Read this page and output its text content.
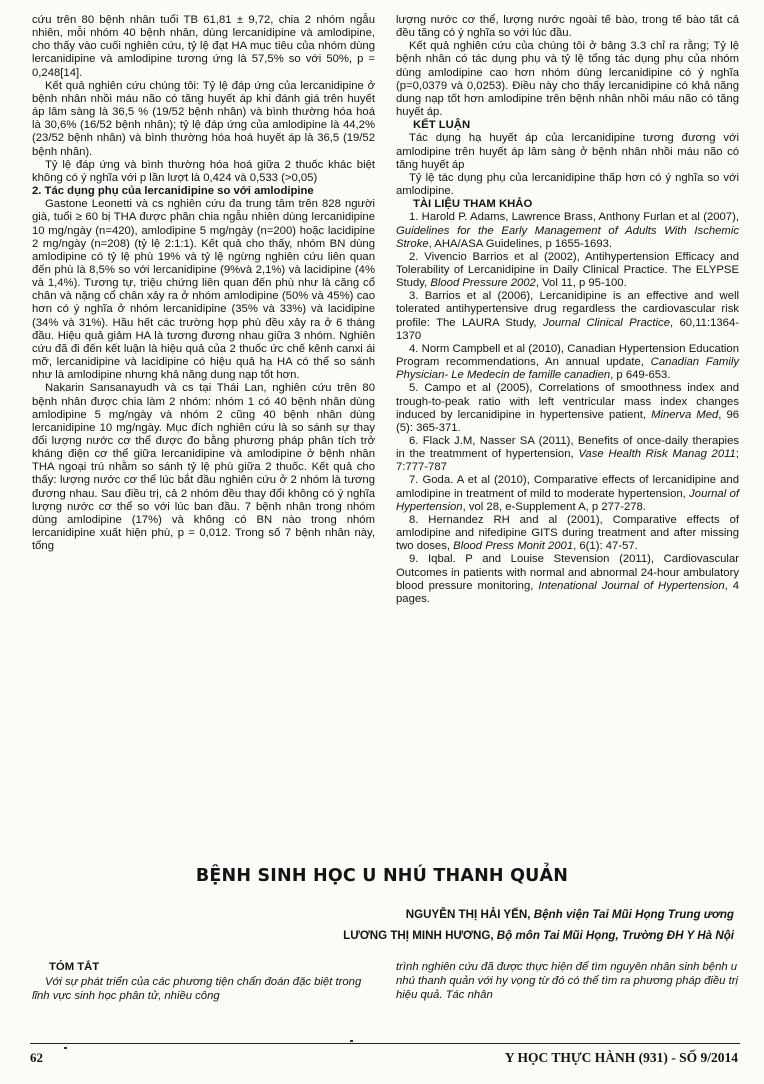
cứu trên 80 bệnh nhân tuổi TB 61,81 ± 9,72, chia 2 nhóm ngẫu nhiên, mỗi nhóm 40 bệnh nhân, dùng lercanidipine và amlodipine, cho thấy vào cuối nghiên cứu, tỷ lệ đạt HA mục tiêu của nhóm dùng lercanidipine và amlodipine tương ứng là 57,5% so với 50%, p = 0,248[14].

Kết quả nghiên cứu chúng tôi: Tỷ lệ đáp ứng của lercanidipine ở bệnh nhân nhồi máu não có tăng huyết áp khi đánh giá trên huyết áp lâm sàng là 36,5 % (19/52 bệnh nhân) và bình thường hóa hoá là 30,6% (16/52 bệnh nhân); tỷ lệ đáp ứng của amlodipine là 44,2% (23/52 bệnh nhân) và bình thường hóa hoá huyết áp là 36,5 (19/52 bệnh nhân).

Tỷ lệ đáp ứng và bình thường hóa hoá giữa 2 thuốc khác biệt không có ý nghĩa với p lần lượt là 0,424 và 0,533 (>0,05)

2. Tác dụng phụ của lercanidipine so với amlodipine

Gastone Leonetti và cs nghiên cứu đa trung tâm trên 828 người già, tuổi ≥ 60 bị THA được phân chia ngẫu nhiên dùng lercanidipine 10 mg/ngày (n=420), amlodipine 5 mg/ngày (n=200) hoặc lacidipine 2 mg/ngày (n=208) (tỷ lệ 2:1:1). Kết quả cho thấy, nhóm BN dùng amlodipine có tỷ lệ phù 19% và tỷ lệ ngừng nghiên cứu liên quan đến phù là 8,5% so với lercanidipine (9%và 2,1%) và lacidipine (4% và 1,4%). Tương tự, triệu chứng liên quan đến phù như là căng cổ chân và nặng cổ chân xảy ra ở nhóm amlodipine (50% và 45%) cao hơn có ý nghĩa ở nhóm lercanidipine (35% và 33%) và lacidipine (34% và 31%). Hầu hết các trường hợp phù đều xảy ra ở 6 tháng đầu. Hiệu quả giảm HA là tương đương nhau giữa 3 nhóm. Nghiên cứu đã đi đến kết luận là hiệu quả của 2 thuốc ức chế kênh canxi ái mỡ, lercanidipine và lacidipine có hiệu quả hạ HA có thể so sánh như là amlodipine nhưng khả năng dung nạp tốt hơn.

Nakarin Sansanayudh và cs tại Thái Lan, nghiên cứu trên 80 bệnh nhân được chia làm 2 nhóm: nhóm 1 có 40 bệnh nhân dùng amlodipine 5 mg/ngày và nhóm 2 cũng 40 bệnh nhân dùng lercanidipine 10 mg/ngày. Mục đích nghiên cứu là so sánh sự thay đổi lượng nước cơ thể được đo bằng phương pháp phân tích trở kháng điện cơ thể giữa lercanidipine và amlodipine ở bệnh nhân THA ngoại trú nhằm so sánh tỷ lệ phù giữa 2 thuốc. Kết quả cho thấy: lượng nước cơ thể lúc bắt đầu nghiên cứu ở 2 nhóm là tương đương nhau. Sau điều trị, cả 2 nhóm đều thay đổi không có ý nghĩa lượng nước cơ thể so với lúc ban đầu. 7 bệnh nhân trong nhóm dùng amlodipine (17%) và không có BN nào trong nhóm lercanidipine xuất hiện phù, p = 0,012. Trong số 7 bệnh nhân này, tổng

lượng nước cơ thể, lượng nước ngoài tế bào, trong tế bào tất cả đều tăng có ý nghĩa so với lúc đầu.

Kết quả nghiên cứu của chúng tôi ở bảng 3.3 chỉ ra rằng; Tỷ lệ bệnh nhân có tác dụng phụ và tỷ lệ tổng tác dụng phụ của nhóm dùng amlodipine cao hơn nhóm dùng lercanidipine có ý nghĩa (p=0,0379 và 0,0253). Điều này cho thấy lercanidipine có khả năng dung nạp tốt hơn amlodipine trên bệnh nhân nhồi máu não có tăng huyết áp.

KẾT LUẬN

Tác dụng hạ huyết áp của lercanidipine tương đương với amlodipine trên huyết áp lâm sàng ở bệnh nhân nhồi máu não có tăng huyết áp

Tỷ lệ tác dụng phụ của lercanidipine thấp hơn có ý nghĩa so với amlodipine.

TÀI LIỆU THAM KHẢO
1. Harold P. Adams, Lawrence Brass, Anthony Furlan et al (2007), Guidelines for the Early Management of Adults With Ischemic Stroke, AHA/ASA Guidelines, p 1655-1693.
2. Vivencio Barrios et al (2002), Antihypertension Efficacy and Tolerability of Lercanidipine in Daily Clinical Practice. The ELYPSE Study, Blood Pressure 2002, Vol 11, p 95-100.
3. Barrios et al (2006), Lercanidipine is an effective and well tolerated antihypertensive drug regardless the cardiovascular risk profile: The LAURA Study, Journal Clinical Practice, 60,11:1364-1370
4. Norm Campbell et al (2010), Canadian Hypertension Education Program recommendations, An annual update, Canadian Family Physician- Le Medecin de famille canadien, p 649-653.
5. Campo et al (2005), Correlations of smoothness index and trough-to-peak ratio with left ventricular mass index changes induced by lercanidipine in hypertensive patient, Minerva Med, 96 (5): 365-371.
6. Flack J.M, Nasser SA (2011), Benefits of once-daily therapies in the treatmment of hypertension, Vase Health Risk Manag 2011; 7:777-787
7. Goda. A et al (2010), Comparative effects of lercanidipine and amlodipine in treatment of mild to moderate hypertension, Journal of Hypertension, vol 28, e-Supplement A, p 277-278.
8. Hernandez RH and al (2001), Comparative effects of amlodipine and nifedipine GITS during treatment and after missing two doses, Blood Press Monit 2001, 6(1): 47-57.
9. Iqbal. P and Louise Stevension (2011), Cardiovascular Outcomes in patients with normal and abnormal 24-hour ambulatory blood pressure monitoring, Intenational Journal of Hypertension, 4 pages.
BỆNH SINH HỌC U NHÚ THANH QUẢN
NGUYỄN THỊ HẢI YẾN, Bệnh viện Tai Mũi Họng Trung ương
LƯƠNG THỊ MINH HƯƠNG, Bộ môn Tai Mũi Họng, Trường ĐH Y Hà Nội
TÓM TẮT

Với sự phát triển của các phương tiện chẩn đoán đặc biệt trong lĩnh vực sinh học phân tử, nhiều công

trình nghiên cứu đã được thực hiện để tìm nguyên nhân sinh bệnh u nhú thanh quản với hy vọng từ đó có thể tìm ra phương pháp điều trị hiệu quả. Tác nhân

62	Y HỌC THỰC HÀNH (931) - SỐ 9/2014
